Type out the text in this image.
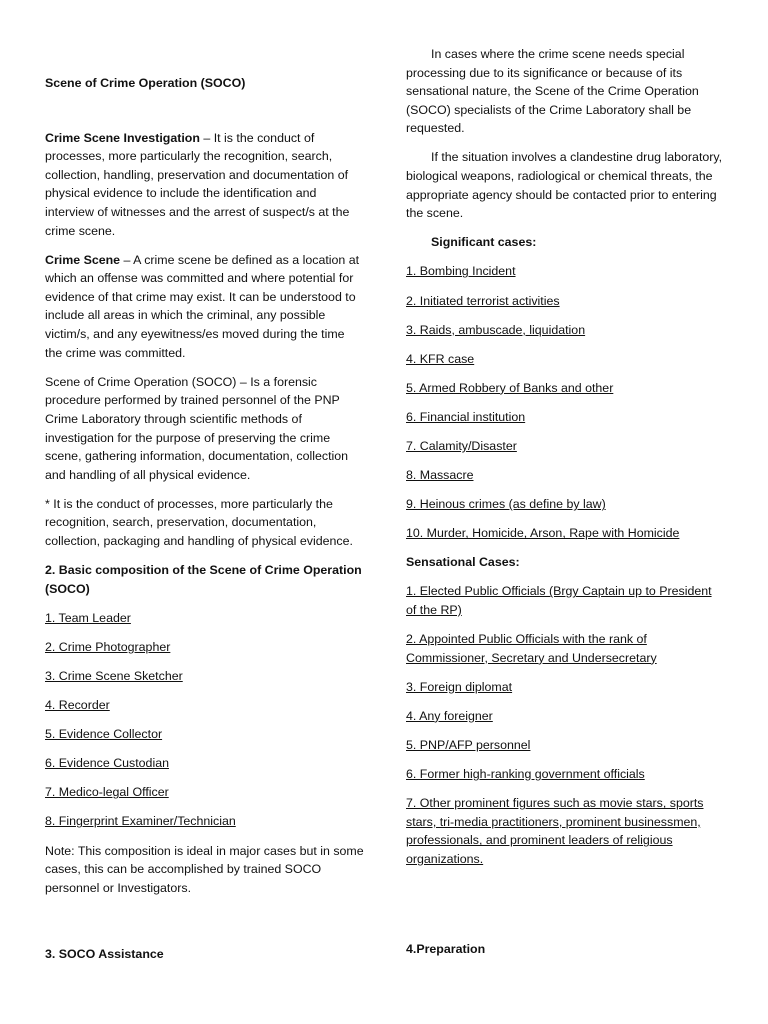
Scene of Crime Operation (SOCO)

Crime Scene Investigation – It is the conduct of processes, more particularly the recognition, search, collection, handling, preservation and documentation of physical evidence to include the identification and interview of witnesses and the arrest of suspect/s at the crime scene.

Crime Scene – A crime scene be defined as a location at which an offense was committed and where potential for evidence of that crime may exist. It can be understood to include all areas in which the criminal, any possible victim/s, and any eyewitness/es moved during the time the crime was committed.

Scene of Crime Operation (SOCO) – Is a forensic procedure performed by trained personnel of the PNP Crime Laboratory through scientific methods of investigation for the purpose of preserving the crime scene, gathering information, documentation, collection and handling of all physical evidence.

* It is the conduct of processes, more particularly the recognition, search, preservation, documentation, collection, packaging and handling of physical evidence.

2. Basic composition of the Scene of Crime Operation (SOCO)

1. Team Leader
2. Crime Photographer
3. Crime Scene Sketcher
4. Recorder
5. Evidence Collector
6. Evidence Custodian
7. Medico-legal Officer
8. Fingerprint Examiner/Technician

Note: This composition is ideal in major cases but in some cases, this can be accomplished by trained SOCO personnel or Investigators.

3. SOCO Assistance

In cases where the crime scene needs special processing due to its significance or because of its sensational nature, the Scene of the Crime Operation (SOCO) specialists of the Crime Laboratory shall be requested.

If the situation involves a clandestine drug laboratory, biological weapons, radiological or chemical threats, the appropriate agency should be contacted prior to entering the scene.

Significant cases:

1. Bombing Incident
2. Initiated terrorist activities
3. Raids, ambuscade, liquidation
4. KFR case
5. Armed Robbery of Banks and other
6. Financial institution
7. Calamity/Disaster
8. Massacre
9. Heinous crimes (as define by law)
10. Murder, Homicide, Arson, Rape with Homicide

Sensational Cases:

1. Elected Public Officials (Brgy Captain up to President of the RP)
2. Appointed Public Officials with the rank of Commissioner, Secretary and Undersecretary
3. Foreign diplomat
4. Any foreigner
5. PNP/AFP personnel
6. Former high-ranking government officials
7. Other prominent figures such as movie stars, sports stars, tri-media practitioners, prominent businessmen, professionals, and prominent leaders of religious organizations.
4.Preparation
